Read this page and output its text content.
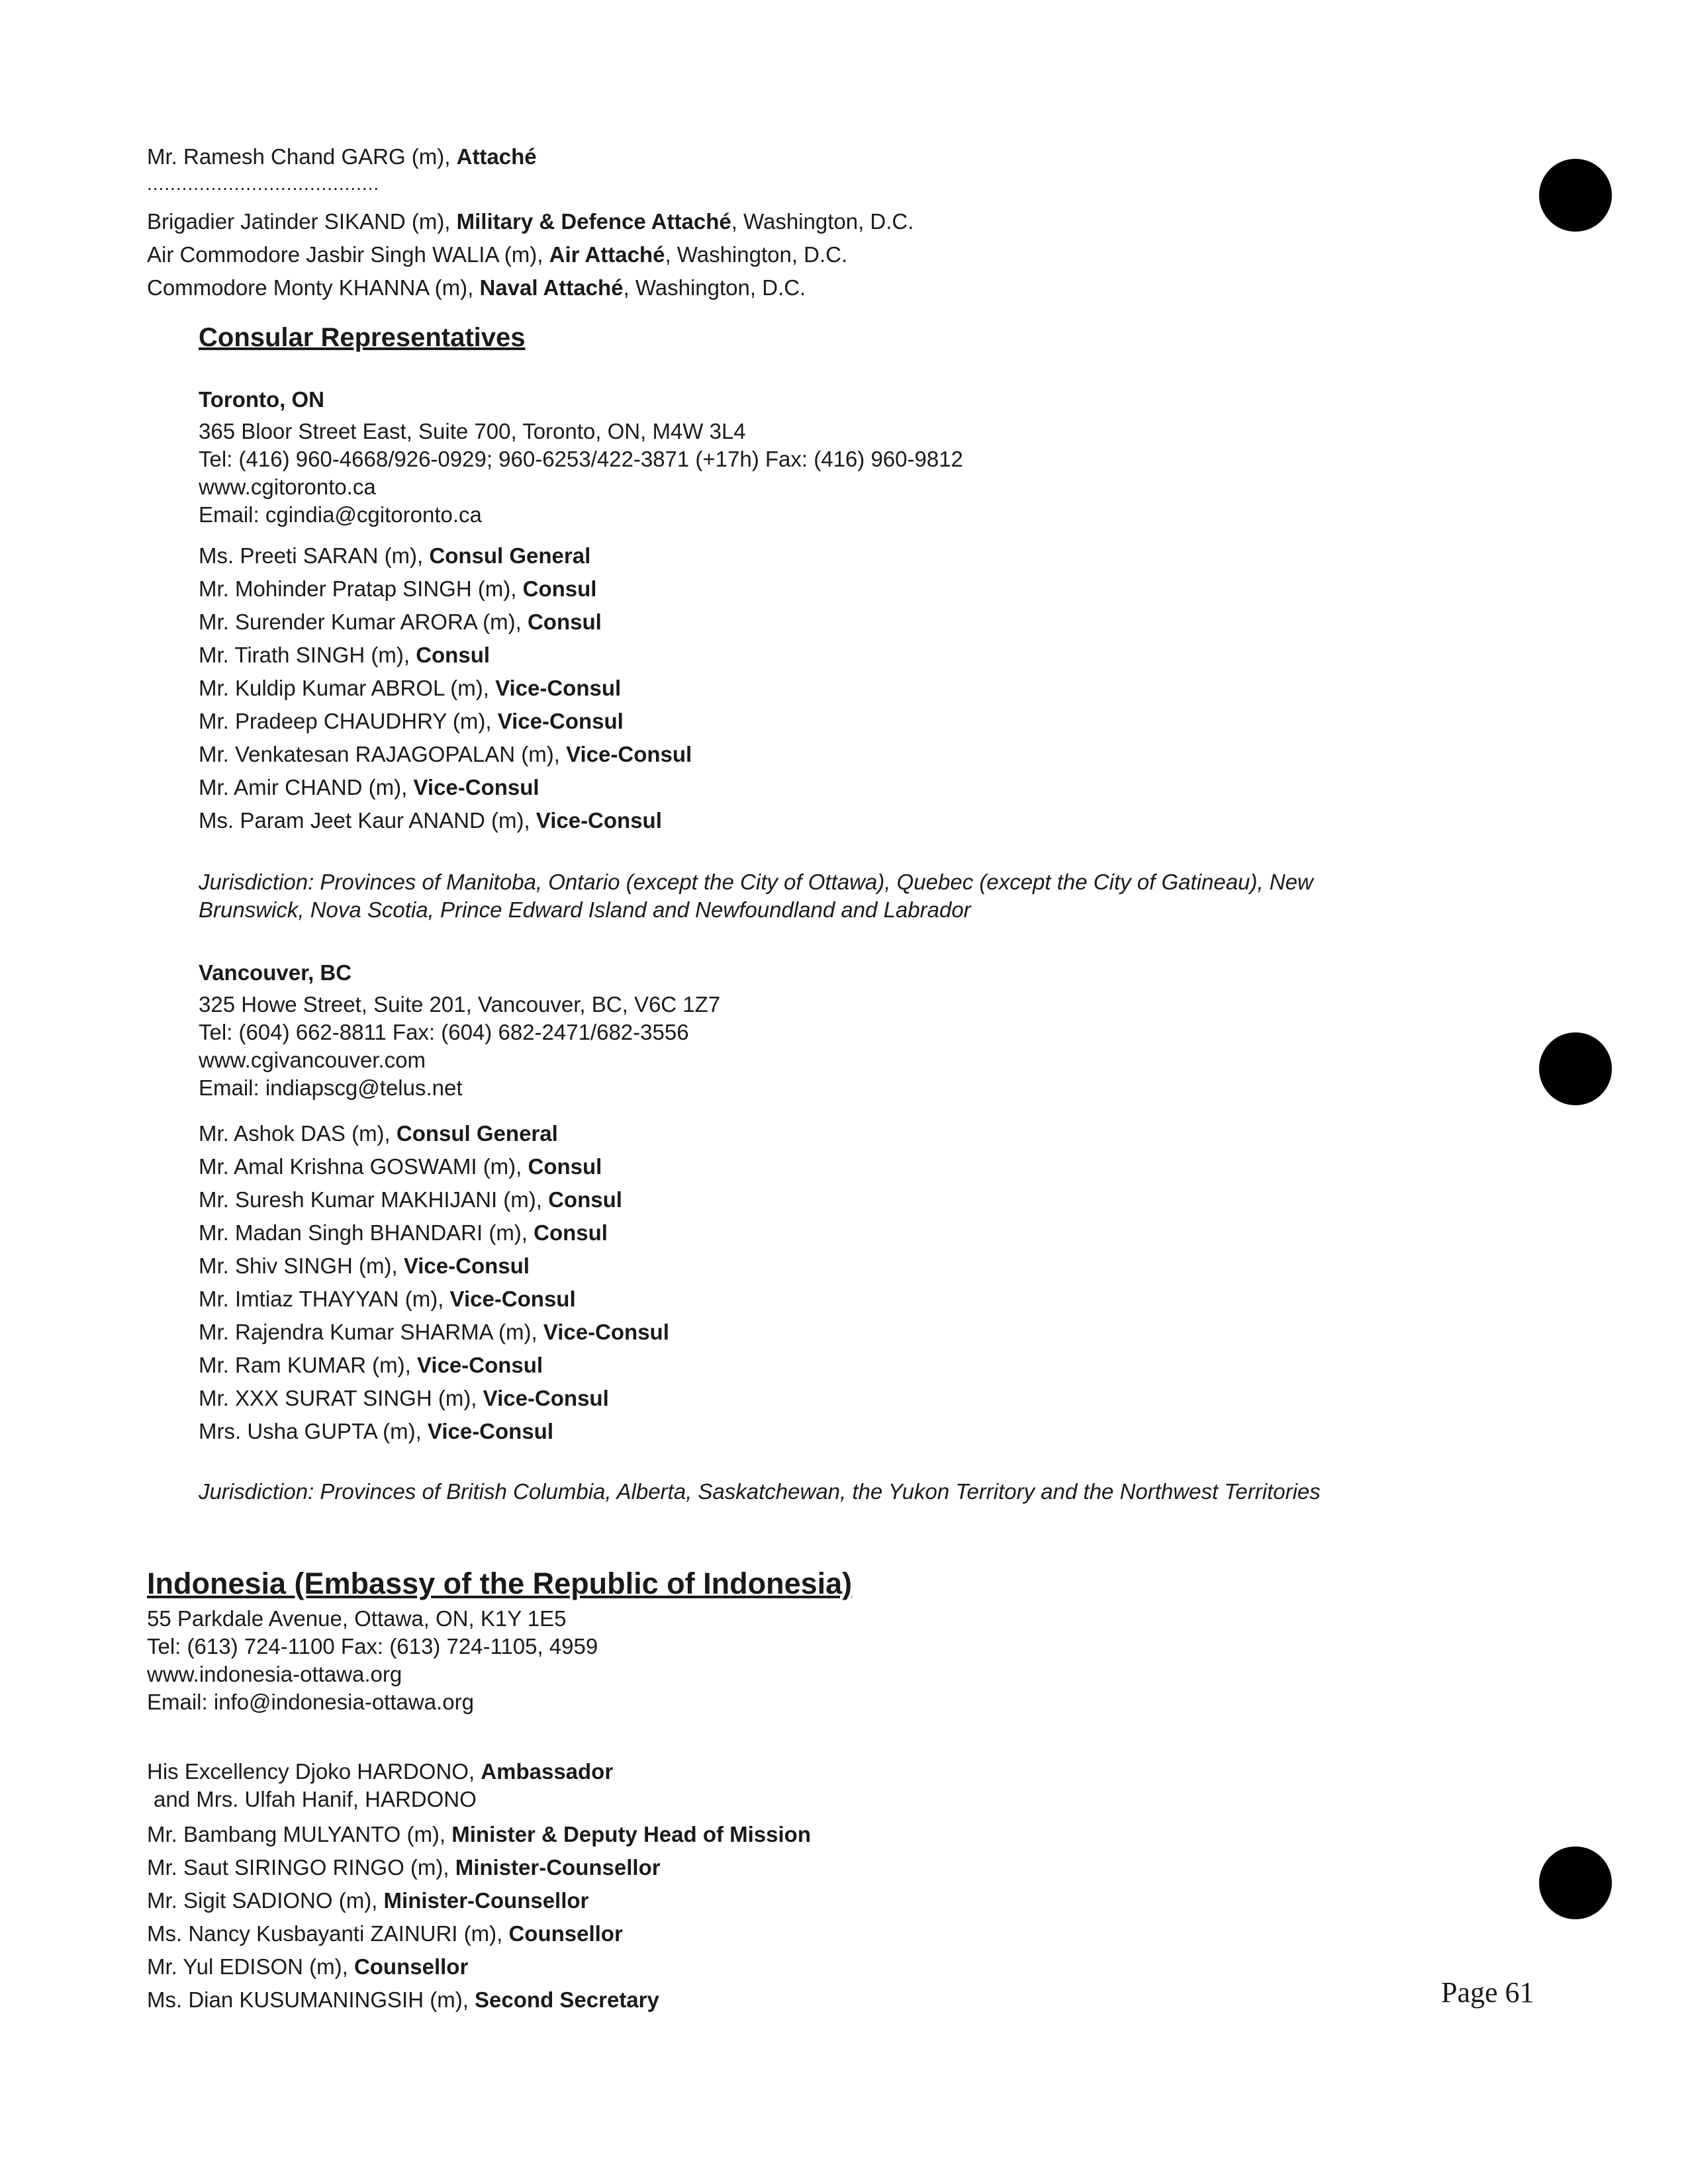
Mr. Ramesh Chand GARG (m), Attaché
........................................
Brigadier Jatinder SIKAND (m), Military & Defence Attaché, Washington, D.C.
Air Commodore Jasbir Singh WALIA (m), Air Attaché, Washington, D.C.
Commodore Monty KHANNA (m), Naval Attaché, Washington, D.C.
Consular Representatives
Toronto, ON
365 Bloor Street East, Suite 700, Toronto, ON, M4W 3L4
Tel: (416) 960-4668/926-0929; 960-6253/422-3871 (+17h) Fax: (416) 960-9812
www.cgitoronto.ca
Email: cgindia@cgitoronto.ca
Ms. Preeti SARAN (m), Consul General
Mr. Mohinder Pratap SINGH (m), Consul
Mr. Surender Kumar ARORA (m), Consul
Mr. Tirath SINGH (m), Consul
Mr. Kuldip Kumar ABROL (m), Vice-Consul
Mr. Pradeep CHAUDHRY (m), Vice-Consul
Mr. Venkatesan RAJAGOPALAN (m), Vice-Consul
Mr. Amir CHAND (m), Vice-Consul
Ms. Param Jeet Kaur ANAND (m), Vice-Consul
Jurisdiction: Provinces of Manitoba, Ontario (except the City of Ottawa), Quebec (except the City of Gatineau), New
Brunswick, Nova Scotia, Prince Edward Island and Newfoundland and Labrador
Vancouver, BC
325 Howe Street, Suite 201, Vancouver, BC, V6C 1Z7
Tel: (604) 662-8811 Fax: (604) 682-2471/682-3556
www.cgivancouver.com
Email: indiapscg@telus.net
Mr. Ashok DAS (m), Consul General
Mr. Amal Krishna GOSWAMI (m), Consul
Mr. Suresh Kumar MAKHIJANI (m), Consul
Mr. Madan Singh BHANDARI (m), Consul
Mr. Shiv SINGH (m), Vice-Consul
Mr. Imtiaz THAYYAN (m), Vice-Consul
Mr. Rajendra Kumar SHARMA (m), Vice-Consul
Mr. Ram KUMAR (m), Vice-Consul
Mr. XXX SURAT SINGH (m), Vice-Consul
Mrs. Usha GUPTA (m), Vice-Consul
Jurisdiction: Provinces of British Columbia, Alberta, Saskatchewan, the Yukon Territory and the Northwest Territories
Indonesia (Embassy of the Republic of Indonesia)
55 Parkdale Avenue, Ottawa, ON, K1Y 1E5
Tel: (613) 724-1100 Fax: (613) 724-1105, 4959
www.indonesia-ottawa.org
Email: info@indonesia-ottawa.org
His Excellency Djoko HARDONO, Ambassador
and Mrs. Ulfah Hanif, HARDONO
Mr. Bambang MULYANTO (m), Minister & Deputy Head of Mission
Mr. Saut SIRINGO RINGO (m), Minister-Counsellor
Mr. Sigit SADIONO (m), Minister-Counsellor
Ms. Nancy Kusbayanti ZAINURI (m), Counsellor
Mr. Yul EDISON (m), Counsellor
Ms. Dian KUSUMANINGSIH (m), Second Secretary	Page 61
